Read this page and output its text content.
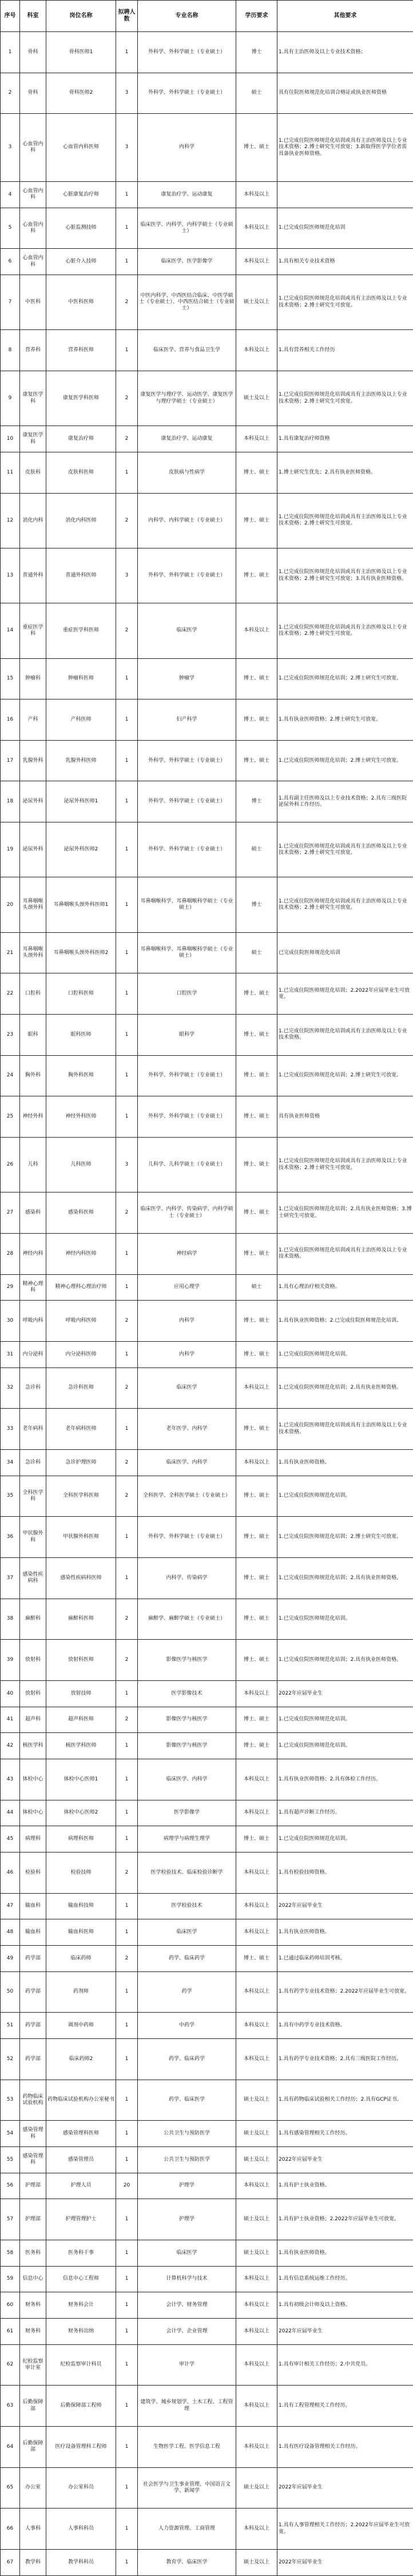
序号	科室	岗位名称	拟聘人数	专业名称	学历要求	其他要求
1	骨科	骨科医师1	1	外科学、外科学硕士（专业硕士）	博士	1.具有主治医师及以上专业技术资格；
2	骨科	骨科医师2	3	外科学、外科学硕士（专业硕士）	硕士	具有住院医师规范化培训合格证或执业医师资格
3	心血管内科	心血管内科医师	3	内科学	博士、硕士	1.已完成住院医师规范化培训或具有主治医师及以上专业技术资格；2.博士研究生可放宽；3.新取得医学学位者需具备执业医师资格。
4	心血管内科	心脏康复治疗师	1	康复治疗学、运动康复	本科及以上	
5	心血管内科	心脏监测技师	1	临床医学、内科学、内科学硕士（专业硕士）	本科及以上	1.已完成住院医师规范化培训
6	心血管内科	心脏介入技师	1	临床医学、医学影像学	本科及以上	1.具有相关专业技术资格
7	中医科	中医科医师	2	中医内科学、中西医结合临床、中医学硕士（专业硕士）、中西医结合硕士（专业硕士）	硕士及以上	1.已完成住院医师规范化培训或具有主治医师及以上专业技术资格；2.博士研究生可放宽。
8	营养科	营养科医师	1	临床医学、营养与食品卫生学	本科及以上	1.具有营养相关工作经历
9	康复医学科	康复医学科医师	2	康复医学与理疗学、运动医学、康复医学与理疗学硕士（专业硕士）	硕士及以上	1.已完成住院医师规范化培训或具有主治医师及以上专业技术资格；2.博士研究生可放宽。
10	康复医学科	康复治疗师	2	康复治疗学、运动康复	本科及以上	1.具有康复治疗师资格
11	皮肤科	皮肤科医师	1	皮肤病与性病学	博士、硕士	1.博士研究生优先；2.具有执业医师资格。
12	消化内科	消化内科医师	2	内科学、内科学硕士（专业硕士）	博士、硕士	1.已完成住院医师规范化培训或具有主治医师及以上专业技术资格；2.博士研究生可放宽。
13	普通外科	普通外科医师	3	外科学、外科学硕士（专业硕士）	博士、硕士	1.已完成住院医师规范化培训或具有主治医师及以上专业技术资格；2.博士研究生可放宽；3.具有执业医师资格。
14	重症医学科	重症医学科医师	2	临床医学	本科及以上	1.已完成住院医师规范化培训或具有主治医师及以上专业技术资格；2.博士研究生可放宽。
15	肿瘤科	肿瘤科医师	1	肿瘤学	博士、硕士	1.已完成住院医师规范化培训；2.博士研究生可放宽。
16	产科	产科医师	1	妇产科学	博士、硕士	1.具有执业医师资格；2.博士研究生可放宽。
17	乳腺外科	乳腺外科医师	1	外科学、外科学硕士（专业硕士）	博士、硕士	1.已完成住院医师规范化培训；2.博士研究生可放宽。
18	泌尿外科	泌尿外科医师1	1	外科学、外科学硕士（专业硕士）	博士	1.具有副主任医师及以上专业技术资格；2.具有三级医院泌尿外科工作经历。
19	泌尿外科	泌尿外科医师2	1	外科学、外科学硕士（专业硕士）	硕士	1.已完成住院医师规范化培训或具有主治医师及以上专业技术资格；2.博士研究生可放宽。
20	耳鼻咽喉头颈外科	耳鼻咽喉头颈外科医师1	1	耳鼻咽喉科学、耳鼻咽喉科学硕士（专业硕士）	博士	1.已完成住院医师规范化培训或具有主治医师及以上专业技术资格；2.博士研究生可放宽。
21	耳鼻咽喉头颈外科	耳鼻咽喉头颈外科医师2	1	耳鼻咽喉科学、耳鼻咽喉科学硕士（专业硕士）	硕士	已完成住院医师规范化培训
22	口腔科	口腔科医师	1	口腔医学	博士、硕士	1.已完成住院医师规范化培训；2.2022年应届毕业生可放宽。
23	眼科	眼科医师	1	眼科学	博士、硕士	1.已完成住院医师规范化培训或具有主治医师及以上专业技术资格。
24	胸外科	胸外科医师	1	外科学、外科学硕士（专业硕士）	博士、硕士	1.已完成住院医师规范化培训；2.博士研究生可放宽。
25	神经外科	神经外科医师	1	外科学、外科学硕士（专业硕士）	博士、硕士	具有执业医师资格
26	儿科	儿科医师	3	儿科学、儿科学硕士（专业硕士）	博士、硕士	1.已完成住院医师规范化培训或具有主治医师及以上专业技术资格；2.博士研究生可放宽。
27	感染科	感染科医师	2	临床医学、内科学、传染病学、内科学硕士（专业硕士）	博士、硕士	1.已完成住院医师规范化培训；2.具有执业医师资格；3.博士研究生可放宽。
28	神经内科	神经内科医师	1	神经病学	博士、硕士	1.已完成住院医师规范化培训或具有主治医师及以上专业技术资格。
29	精神心理科	精神心理科心理治疗师	1	应用心理学	硕士	1.具有心理治疗相关资格。
30	呼吸内科	呼吸内科医师	2	内科学	博士、硕士	1.具有执业医师资格；2.已完成住院医师规范化培训。
31	内分泌科	内分泌科医师	1	内科学	博士、硕士	1.已完成住院医师规范化培训。
32	急诊科	急诊科医师	2	临床医学	本科及以上	1.已完成住院医师规范化培训；2.具有执业医师资格。
33	老年病科	老年病科医师	1	老年医学、内科学	博士、硕士	1.已完成住院医师规范化培训或具有主治医师及以上专业技术资格。
34	急诊科	急诊护理医师	2	临床医学、内科学	本科及以上	1.具有执业医师资格。
35	全科医学科	全科医学科医师	2	全科医学、全科医学硕士（专业硕士）	博士、硕士	1.已完成住院医师规范化培训。
36	甲状腺外科	甲状腺外科医师	1	外科学、外科学硕士（专业硕士）	博士、硕士	1.已完成住院医师规范化培训；2.博士研究生可放宽。
37	感染性疾病科	感染性疾病科医师	1	内科学、传染病学	博士、硕士	1.已完成住院医师规范化培训；2.具有执业医师资格。
38	麻醉科	麻醉科医师	2	麻醉学、麻醉学硕士（专业硕士）	博士、硕士	1.已完成住院医师规范化培训。
39	放射科	放射科医师	2	影像医学与核医学	博士、硕士	1.已完成住院医师规范化培训；2.具有执业医师资格。
40	放射科	放射技师	1	医学影像技术	本科及以上	2022年应届毕业生
41	超声科	超声科医师	2	影像医学与核医学	博士、硕士	1.已完成住院医师规范化培训。
42	核医学科	核医学科医师	1	影像医学与核医学	博士、硕士	1.已完成住院医师规范化培训。
43	体检中心	体检中心医师1	1	临床医学、内科学	本科及以上	1.具有执业医师资格；2.具有体检工作经历。
44	体检中心	体检中心医师2	1	医学影像学	本科及以上	1.具有超声诊断工作经历。
45	病理科	病理科医师	1	病理学与病理生理学	博士、硕士	1.已完成住院医师规范化培训。
46	检验科	检验技师	2	医学检验技术、临床检验诊断学	本科及以上	1.具有检验技师资格。
47	输血科	输血科技师	1	医学检验技术	本科及以上	2022年应届毕业生
48	输血科	输血科医师	1	临床医学	本科及以上	1.具有执业医师资格。
49	药学部	临床药师	2	药学、临床药学	博士、硕士	1.已通过临床药师培训考核。
50	药学部	药剂师	1	药学	本科及以上	1.具有药学专业技术资格；2.2022年应届毕业生可放宽。
51	药学部	调剂中药师	1	中药学	本科及以上	1.具有中药学专业技术资格。
52	药学部	临床药师2	1	药学、临床药学	本科及以上	1.具有药学专业技术资格；2.具有三级医院工作经历。
53	药物临床试验机构	药物临床试验机构办公室秘书	1	药学、临床医学	硕士及以上	1.具有药物临床试验相关工作经历；2.具有GCP证书。
54	感染管理科	感染管理科医师	1	公共卫生与预防医学	硕士及以上	1.具有感染管理相关工作经历。
55	感染管理科	感染管理员	1	公共卫生与预防医学	硕士及以上	2022年应届毕业生
56	护理部	护理人员	20	护理学	本科及以上	1.具有护士执业资格。
57	护理部	护理管理护士	1	护理学	硕士及以上	1.具有护士执业资格；2.2022年应届毕业生可放宽。
58	医务科	医务科干事	1	临床医学	硕士及以上	1.具有执业医师资格。
59	信息中心	信息中心工程师	1	计算机科学与技术	本科及以上	1.具有信息系统运维工作经历。
60	财务科	财务科会计	1	会计学、财务管理	本科及以上	1.具有初级会计师及以上资格。
61	财务科	财务科出纳	1	会计学、企业管理	本科及以上	2022年应届毕业生
62	纪检监察审计室	纪检监察审计科员	1	审计学	本科及以上	1.具有审计相关工作经历；2.中共党员。
63	后勤保障部	后勤保障部工程师	1	建筑学、城乡规划学、土木工程、工程管理	本科及以上	1.具有工程管理相关工作经历。
64	后勤保障部	医疗设备管理科工程师	1	生物医学工程、医学信息工程	本科及以上	1.具有医疗设备管理相关工作经历。
65	办公室	办公室科员	1	社会医学与卫生事业管理、中国语言文学、新闻学	硕士及以上	2022年应届毕业生
66	人事科	人事科科员	1	人力资源管理、工商管理	本科及以上	1.具有人事管理相关工作经历；2.2022年应届毕业生可放宽。
67	教学科	教学科科员	1	教育学、临床医学	硕士及以上	2022年应届毕业生
